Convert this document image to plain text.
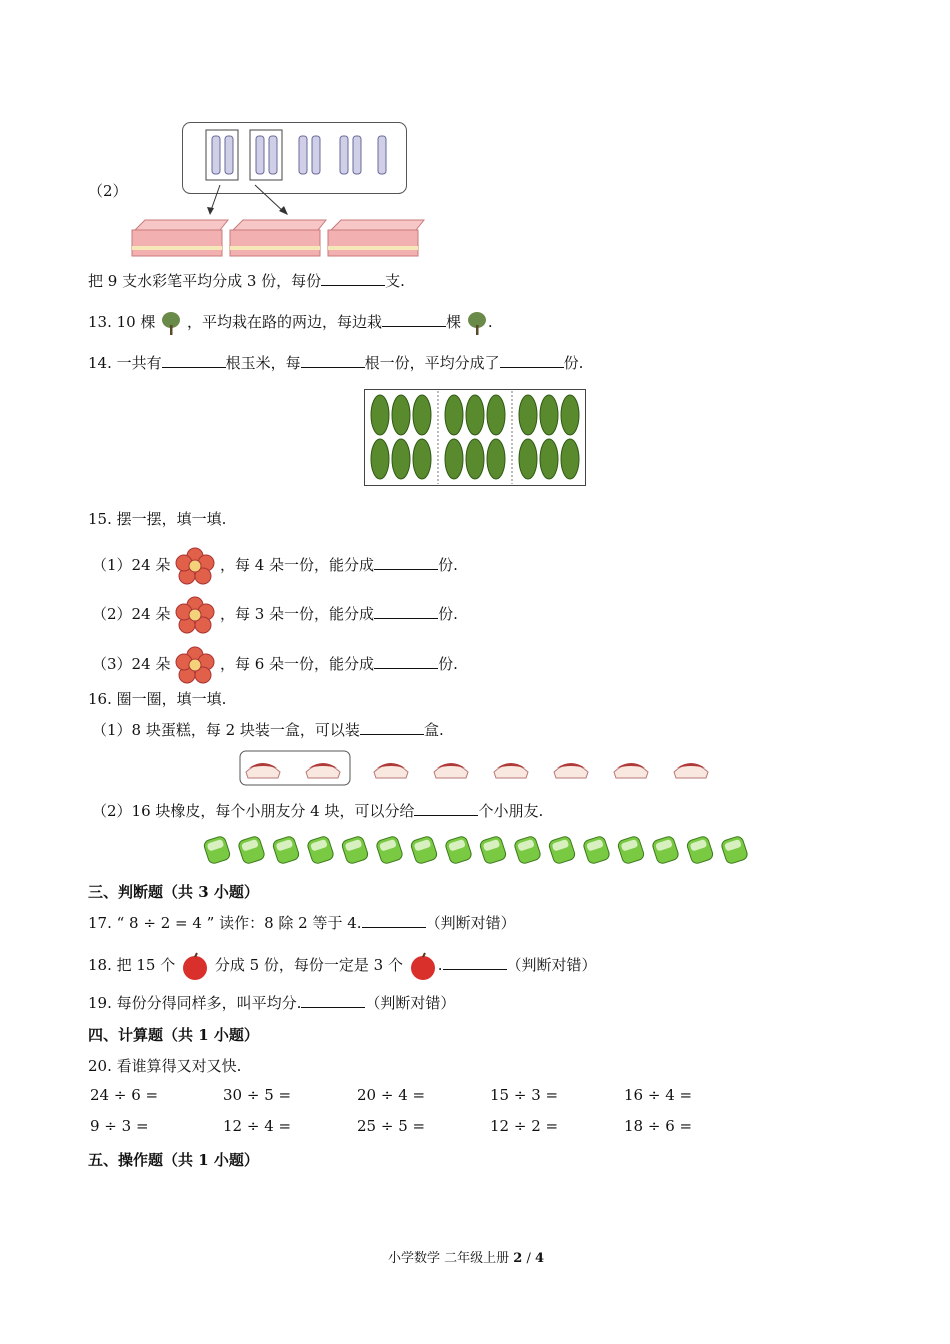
（2）
把 9 支水彩笔平均分成 3 份，每份	支.
13. 10 棵 ，平均栽在路的两边，每边栽	棵 .
14. 一共有	根玉米，每	根一份，平均分成了	份.
15. 摆一摆，填一填.
（1）24 朵	，每 4 朵一份，能分成	份.
（2）24 朵	，每 3 朵一份，能分成	份.
（3）24 朵	，每 6 朵一份，能分成	份.
16. 圈一圈，填一填.
（1）8 块蛋糕，每 2 块装一盒，可以装	盒.
（2）16 块橡皮，每个小朋友分 4 块，可以分给	个小朋友.
三、判断题（共 3 小题）
17. “ 8 ÷ 2 = 4 ” 读作：8 除 2 等于 4.	（判断对错）
18. 把 15 个	分成 5 份，每份一定是 3 个 .	（判断对错）
19. 每份分得同样多，叫平均分.	（判断对错）
四、计算题（共 1 小题）
20. 看谁算得又对又快.
24 ÷ 6 =	30 ÷ 5 =	20 ÷ 4 =	15 ÷ 3 =	16 ÷ 4 =
9 ÷ 3 =	12 ÷ 4 =	25 ÷ 5 =	12 ÷ 2 =	18 ÷ 6 =
五、操作题（共 1 小题）
小学数学 二年级上册 2 / 4
